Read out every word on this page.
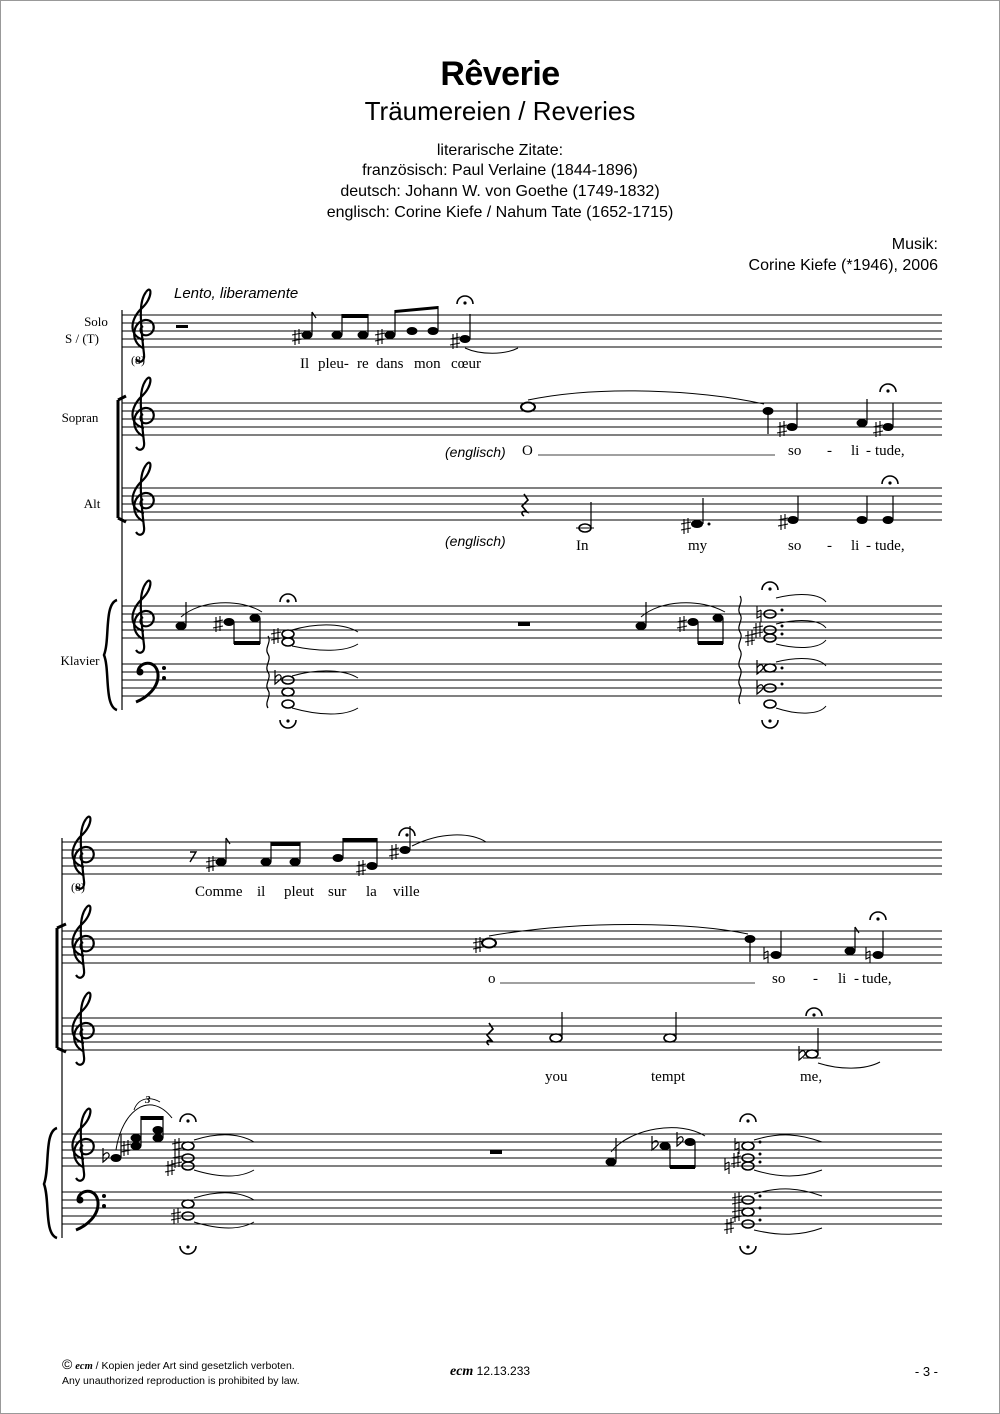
Rêverie
Träumereien / Reveries
literarische Zitate:
französisch: Paul Verlaine (1844-1896)
deutsch: Johann W. von Goethe (1749-1832)
englisch: Corine Kiefe / Nahum Tate (1652-1715)
Musik:
Corine Kiefe (*1946), 2006
Lento, liberamente
(8)	Il pleu- re dans mon cœur
Solo
S / (T)
(englisch) O	so - li - tude,
Sopran
(englisch)	In	my	so - li - tude,
Alt
Klavier
(8)	Comme il pleut sur la ville
o	so - li - tude,
you	tempt	me,
3
© ecm / Kopien jeder Art sind gesetzlich verboten.
Any unauthorized reproduction is prohibited by law.
ecm 12.13.233	- 3 -
